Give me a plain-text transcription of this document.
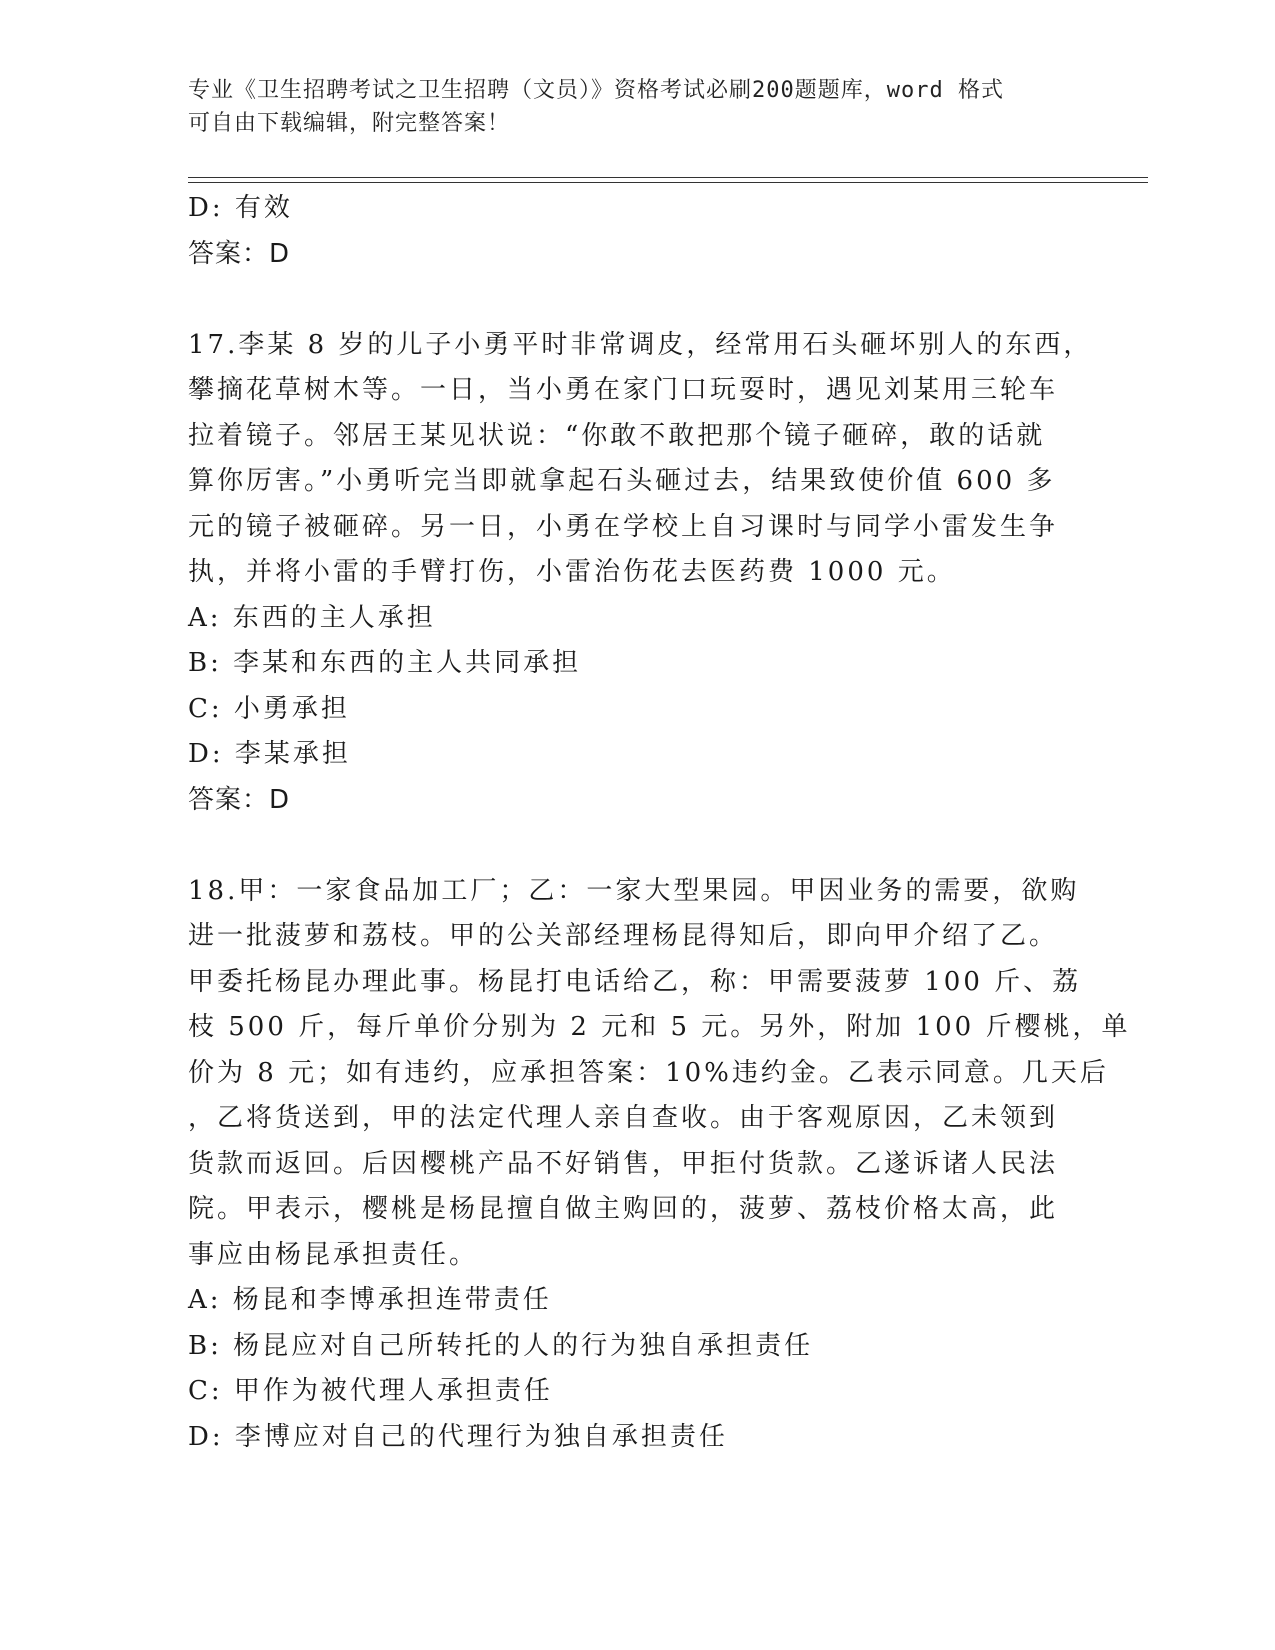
专业《卫生招聘考试之卫生招聘（文员）》资格考试必刷200题题库，word 格式
可自由下载编辑，附完整答案！

D: 有效

答案：D

17.李某 8 岁的儿子小勇平时非常调皮，经常用石头砸坏别人的东西，

攀摘花草树木等。一日，当小勇在家门口玩耍时，遇见刘某用三轮车

拉着镜子。邻居王某见状说：“你敢不敢把那个镜子砸碎，敢的话就

算你厉害。”小勇听完当即就拿起石头砸过去，结果致使价值 600 多

元的镜子被砸碎。另一日，小勇在学校上自习课时与同学小雷发生争

执，并将小雷的手臂打伤，小雷治伤花去医药费 1000 元。

A: 东西的主人承担

B: 李某和东西的主人共同承担

C: 小勇承担

D: 李某承担

答案：D

18.甲：一家食品加工厂；乙：一家大型果园。甲因业务的需要，欲购

进一批菠萝和荔枝。甲的公关部经理杨昆得知后，即向甲介绍了乙。

甲委托杨昆办理此事。杨昆打电话给乙，称：甲需要菠萝 100 斤、荔

枝 500 斤，每斤单价分别为 2 元和 5 元。另外，附加 100 斤樱桃，单

价为 8 元；如有违约，应承担答案：10%违约金。乙表示同意。几天后

，乙将货送到，甲的法定代理人亲自查收。由于客观原因，乙未领到

货款而返回。后因樱桃产品不好销售，甲拒付货款。乙遂诉诸人民法

院。甲表示，樱桃是杨昆擅自做主购回的，菠萝、荔枝价格太高，此

事应由杨昆承担责任。

A: 杨昆和李博承担连带责任

B: 杨昆应对自己所转托的人的行为独自承担责任

C: 甲作为被代理人承担责任

D: 李博应对自己的代理行为独自承担责任
